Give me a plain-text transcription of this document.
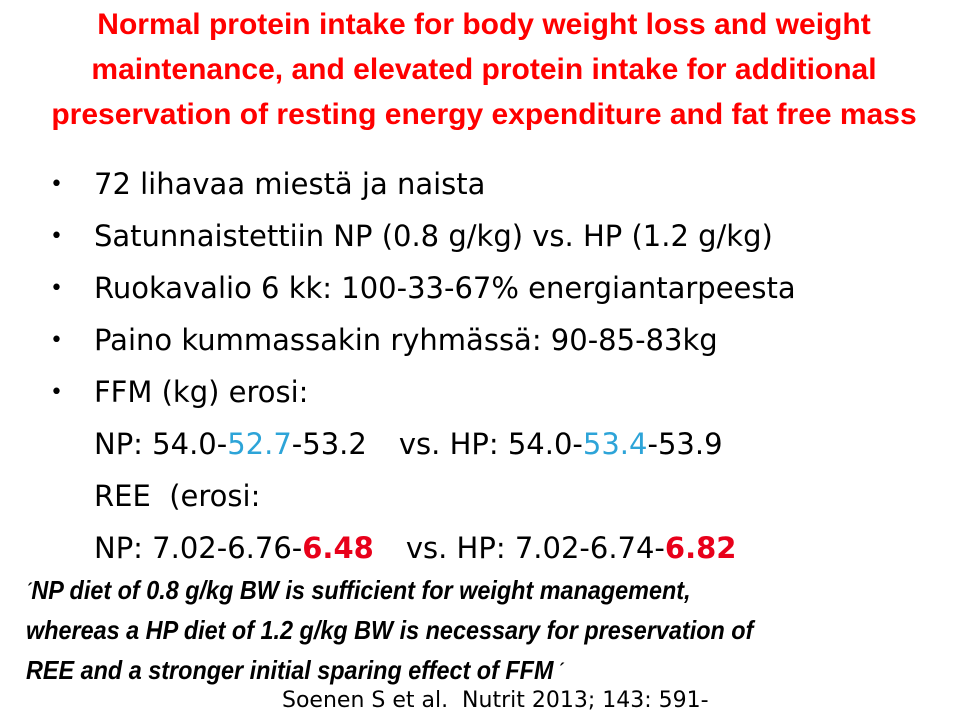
Normal protein intake for body weight loss and weight
maintenance, and elevated protein intake for additional
preservation of resting energy expenditure and fat free mass
•	72 lihavaa miestä ja naista
•	Satunnaistettiin NP (0.8 g/kg) vs. HP (1.2 g/kg)
•	Ruokavalio 6 kk: 100-33-67% energiantarpeesta
•	Paino kummassakin ryhmässä: 90-85-83kg
•	FFM (kg) erosi:
NP:
54.0- 52.7 -53.2 vs.
HP:
54.0- 53.4 -53.9
REE  (erosi:
NP:
7.02-6.76- 6.48 vs.
HP:
7.02-6.74- 6.82
´NP diet of 0.8 g/kg BW is sufficient for weight management,
whereas a HP diet of 1.2 g/kg BW is necessary for preservation of
REE and a stronger initial sparing effect of FFM ´
Soenen S et al.  Nutrit 2013; 143: 591-
